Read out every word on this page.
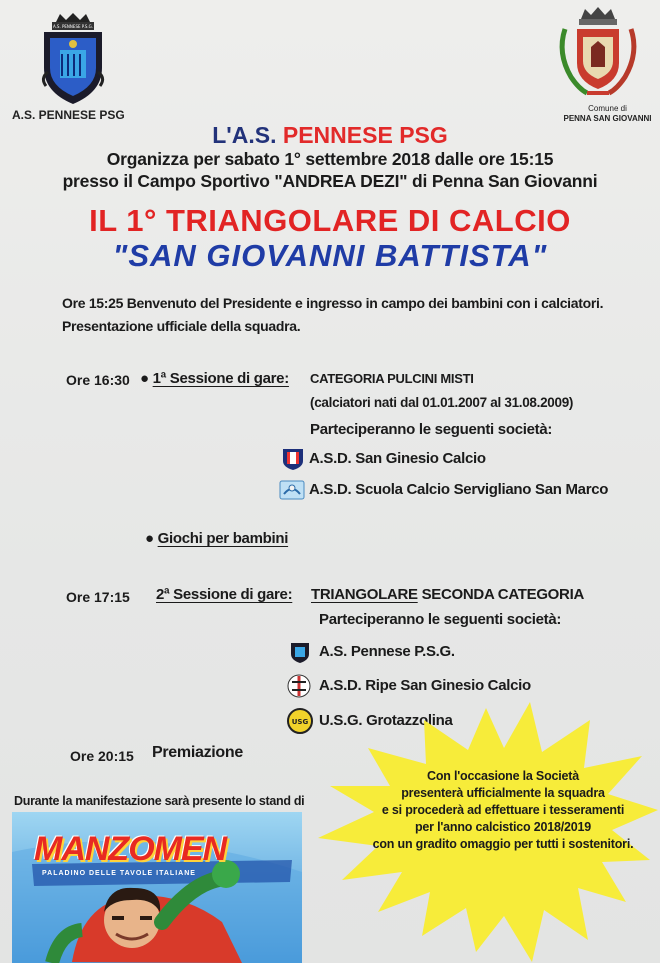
A.S. PENNESE P.S.G.
A.S. PENNESE PSG	Comune di
PENNA SAN GIOVANNI
L'A.S. PENNESE PSG
Organizza per sabato 1° settembre 2018 dalle ore 15:15
presso il Campo Sportivo "ANDREA DEZI" di Penna San Giovanni
IL 1° TRIANGOLARE DI CALCIO
"SAN GIOVANNI BATTISTA"
Ore 15:25 Benvenuto del Presidente e ingresso in campo dei bambini con i calciatori.
Presentazione ufficiale della squadra.
Ore 16:30 ● 1ª Sessione di gare: CATEGORIA PULCINI MISTI
(calciatori nati dal 01.01.2007 al 31.08.2009)
Parteciperanno le seguenti società:
A.S.D. San Ginesio Calcio
A.S.D. Scuola Calcio Servigliano San Marco
● Giochi per bambini
Ore 17:15 2ª Sessione di gare: TRIANGOLARE SECONDA CATEGORIA
Parteciperanno le seguenti società:
A.S. Pennese P.S.G.
A.S.D. Ripe San Ginesio Calcio
USG U.S.G. Grotazzolina
Ore 20:15 Premiazione
Con l'occasione la Società
presenterà ufficialmente la squadra
e si procederà ad effettuare i tesseramenti
per l'anno calcistico 2018/2019
con un gradito omaggio per tutti i sostenitori.
Durante la manifestazione sarà presente lo stand di
MANZOMEN
PALADINO DELLE TAVOLE ITALIANE
